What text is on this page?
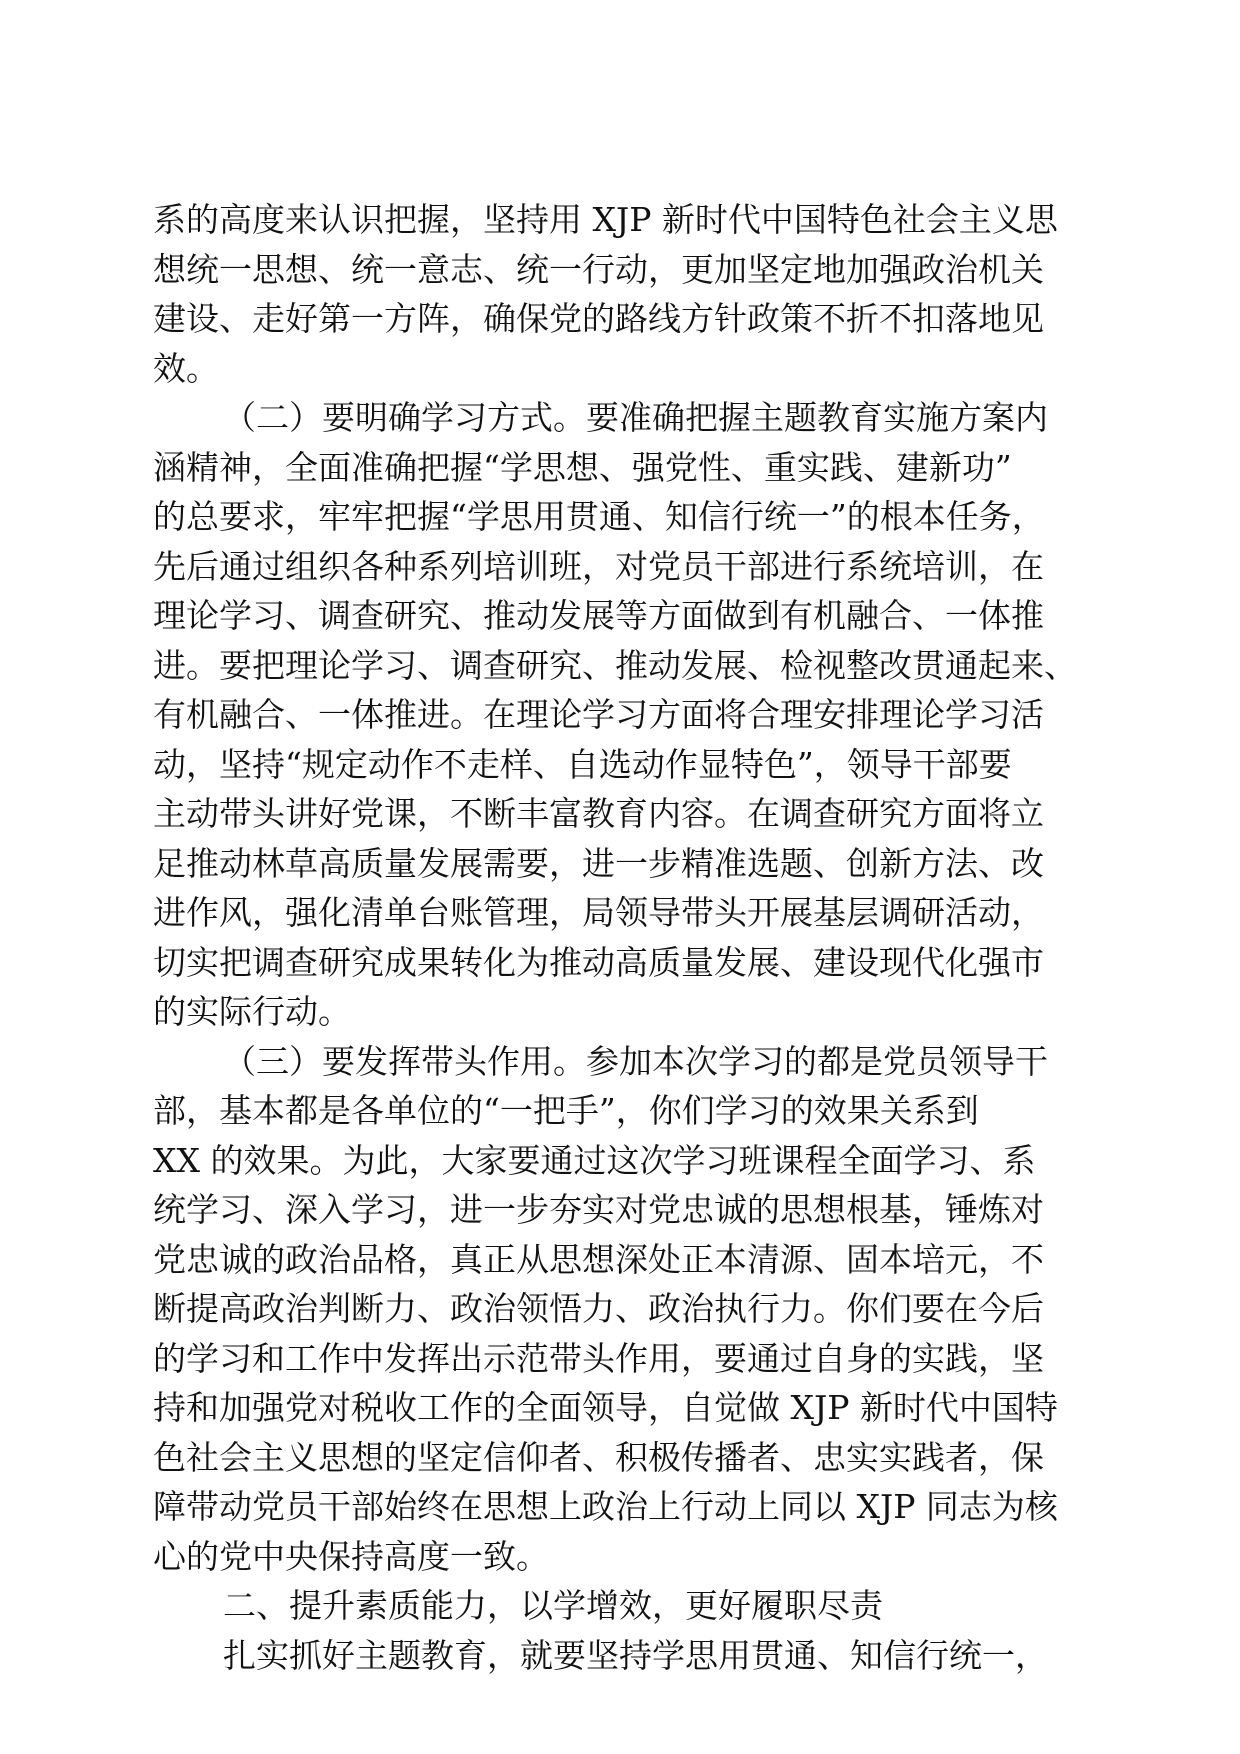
系的高度来认识把握，坚持用 XJP 新时代中国特色社会主义思
想统一思想、统一意志、统一行动，更加坚定地加强政治机关
建设、走好第一方阵，确保党的路线方针政策不折不扣落地见
效。
（二）要明确学习方式。要准确把握主题教育实施方案内
涵精神，全面准确把握“学思想、强党性、重实践、建新功”
的总要求，牢牢把握“学思用贯通、知信行统一”的根本任务，
先后通过组织各种系列培训班，对党员干部进行系统培训，在
理论学习、调查研究、推动发展等方面做到有机融合、一体推
进。要把理论学习、调查研究、推动发展、检视整改贯通起来、
有机融合、一体推进。在理论学习方面将合理安排理论学习活
动，坚持“规定动作不走样、自选动作显特色”，领导干部要
主动带头讲好党课，不断丰富教育内容。在调查研究方面将立
足推动林草高质量发展需要，进一步精准选题、创新方法、改
进作风，强化清单台账管理，局领导带头开展基层调研活动，
切实把调查研究成果转化为推动高质量发展、建设现代化强市
的实际行动。
（三）要发挥带头作用。参加本次学习的都是党员领导干
部，基本都是各单位的“一把手”，你们学习的效果关系到
XX 的效果。为此，大家要通过这次学习班课程全面学习、系
统学习、深入学习，进一步夯实对党忠诚的思想根基，锤炼对
党忠诚的政治品格，真正从思想深处正本清源、固本培元，不
断提高政治判断力、政治领悟力、政治执行力。你们要在今后
的学习和工作中发挥出示范带头作用，要通过自身的实践，坚
持和加强党对税收工作的全面领导，自觉做 XJP 新时代中国特
色社会主义思想的坚定信仰者、积极传播者、忠实实践者，保
障带动党员干部始终在思想上政治上行动上同以 XJP 同志为核
心的党中央保持高度一致。
二、提升素质能力，以学增效，更好履职尽责
扎实抓好主题教育，就要坚持学思用贯通、知信行统一，
